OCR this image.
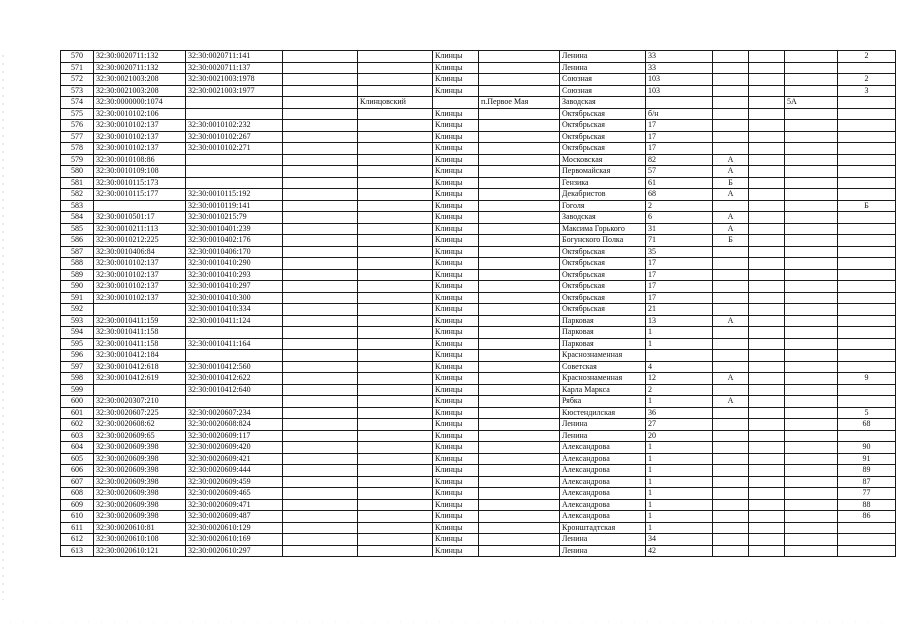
570	32:30:0020711:132	32:30:0020711:141			Клинцы		Ленина	33				2
571	32:30:0020711:132	32:30:0020711:137			Клинцы		Ленина	33				
572	32:30:0021003:208	32:30:0021003:1978			Клинцы		Союзная	103				2
573	32:30:0021003:208	32:30:0021003:1977			Клинцы		Союзная	103				3
574	32:30:0000000:1074			Клинцовский		п.Первое Мая	Заводская				5А	
575	32:30:0010102:106				Клинцы		Октябрьская	б/н				
576	32:30:0010102:137	32:30:0010102:232			Клинцы		Октябрьская	17				
577	32:30:0010102:137	32:30:0010102:267			Клинцы		Октябрьская	17				
578	32:30:0010102:137	32:30:0010102:271			Клинцы		Октябрьская	17				
579	32:30:0010108:86				Клинцы		Московская	82	А			
580	32:30:0010109:108				Клинцы		Первомайская	57	А			
581	32:30:0010115:173				Клинцы		Гензика	61	Б			
582	32:30:0010115:177	32:30:0010115:192			Клинцы		Декабристов	68	А			
583		32:30:0010119:141			Клинцы		Гоголя	2				Б
584	32:30:0010501:17	32:30:0010215:79			Клинцы		Заводская	6	А			
585	32:30:0010211:113	32:30:0010401:239			Клинцы		Максима Горького	31	А			
586	32:30:0010212:225	32:30:0010402:176			Клинцы		Богунского Полка	71	Б			
587	32:30:0010406:84	32:30:0010406:170			Клинцы		Октябрьская	35				
588	32:30:0010102:137	32:30:0010410:290			Клинцы		Октябрьская	17				
589	32:30:0010102:137	32:30:0010410:293			Клинцы		Октябрьская	17				
590	32:30:0010102:137	32:30:0010410:297			Клинцы		Октябрьская	17				
591	32:30:0010102:137	32:30:0010410:300			Клинцы		Октябрьская	17				
592		32:30:0010410:334			Клинцы		Октябрьская	21				
593	32:30:0010411:159	32:30:0010411:124			Клинцы		Парковая	13	А			
594	32:30:0010411:158				Клинцы		Парковая	1				
595	32:30:0010411:158	32:30:0010411:164			Клинцы		Парковая	1				
596	32:30:0010412:184				Клинцы		Краснознаменная					
597	32:30:0010412:618	32:30:0010412:560			Клинцы		Советская	4				
598	32:30:0010412:619	32:30:0010412:622			Клинцы		Краснознаменная	12	А			9
599		32:30:0010412:640			Клинцы		Карла Маркса	2				
600	32:30:0020307:210				Клинцы		Рябка	1	А			
601	32:30:0020607:225	32:30:0020607:234			Клинцы		Кюстендилская	36				5
602	32:30:0020608:62	32:30:0020608:824			Клинцы		Ленина	27				68
603	32:30:0020609:65	32:30:0020609:117			Клинцы		Ленина	20				
604	32:30:0020609:398	32:30:0020609:420			Клинцы		Александрова	1				90
605	32:30:0020609:398	32:30:0020609:421			Клинцы		Александрова	1				91
606	32:30:0020609:398	32:30:0020609:444			Клинцы		Александрова	1				89
607	32:30:0020609:398	32:30:0020609:459			Клинцы		Александрова	1				87
608	32:30:0020609:398	32:30:0020609:465			Клинцы		Александрова	1				77
609	32:30:0020609:398	32:30:0020609:471			Клинцы		Александрова	1				88
610	32:30:0020609:398	32:30:0020609:487			Клинцы		Александрова	1				86
611	32:30:0020610:81	32:30:0020610:129			Клинцы		Кронштадтская	1				
612	32:30:0020610:108	32:30:0020610:169			Клинцы		Ленина	34				
613	32:30:0020610:121	32:30:0020610:297			Клинцы		Ленина	42				
